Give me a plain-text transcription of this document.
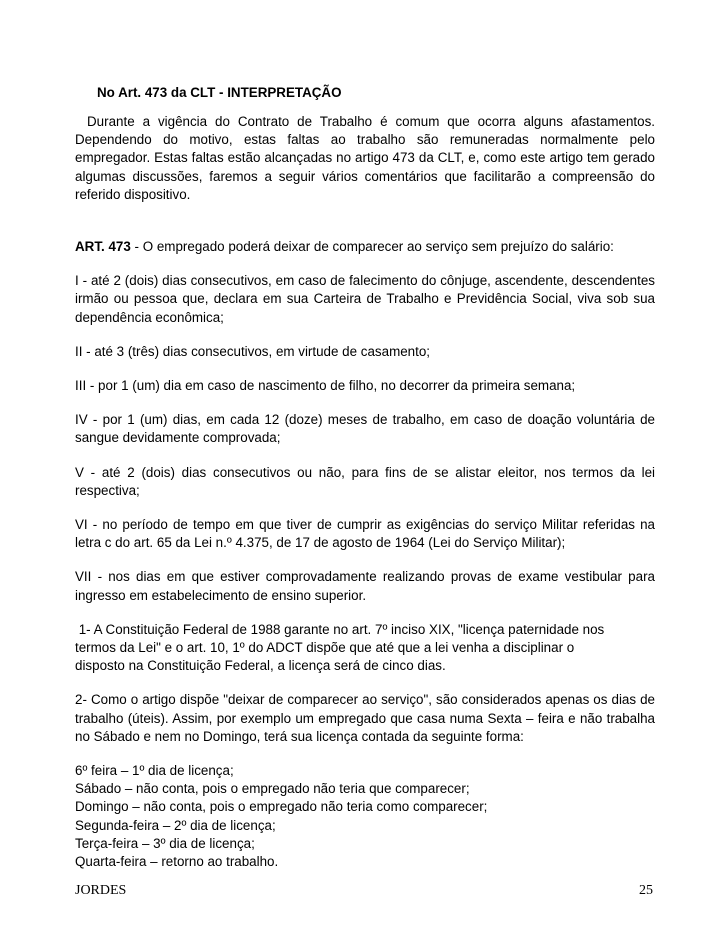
No Art. 473 da CLT - INTERPRETAÇÃO

Durante a vigência do Contrato de Trabalho é comum que ocorra alguns afastamentos. Dependendo do motivo, estas faltas ao trabalho são remuneradas normalmente pelo empregador. Estas faltas estão alcançadas no artigo 473 da CLT, e, como este artigo tem gerado algumas discussões, faremos a seguir vários comentários que facilitarão a compreensão do referido dispositivo.

ART. 473 - O empregado poderá deixar de comparecer ao serviço sem prejuízo do salário:

I - até 2 (dois) dias consecutivos, em caso de falecimento do cônjuge, ascendente, descendentes irmão ou pessoa que, declara em sua Carteira de Trabalho e Previdência Social, viva sob sua dependência econômica;

II - até 3 (três) dias consecutivos, em virtude de casamento;

III - por 1 (um) dia em caso de nascimento de filho, no decorrer da primeira semana;

IV - por 1 (um) dias, em cada 12 (doze) meses de trabalho, em caso de doação voluntária de sangue devidamente comprovada;

V - até 2 (dois) dias consecutivos ou não, para fins de se alistar eleitor, nos termos da lei respectiva;

VI - no período de tempo em que tiver de cumprir as exigências do serviço Militar referidas na letra c do art. 65 da Lei n.º 4.375, de 17 de agosto de 1964 (Lei do Serviço Militar);

VII - nos dias em que estiver comprovadamente realizando provas de exame vestibular para ingresso em estabelecimento de ensino superior.

1- A Constituição Federal de 1988 garante no art. 7º inciso XIX, "licença paternidade nos

termos da Lei" e o art. 10, 1º do ADCT dispõe que até que a lei venha a disciplinar o

disposto na Constituição Federal, a licença será de cinco dias.

2- Como o artigo dispõe "deixar de comparecer ao serviço", são considerados apenas os dias de trabalho (úteis). Assim, por exemplo um empregado que casa numa Sexta – feira e não trabalha no Sábado e nem no Domingo, terá sua licença contada da seguinte forma:

6º feira – 1º dia de licença;

Sábado – não conta, pois o empregado não teria que comparecer;

Domingo – não conta, pois o empregado não teria como comparecer;

Segunda-feira – 2º dia de licença;

Terça-feira – 3º dia de licença;

Quarta-feira – retorno ao trabalho.

JORDES	25
